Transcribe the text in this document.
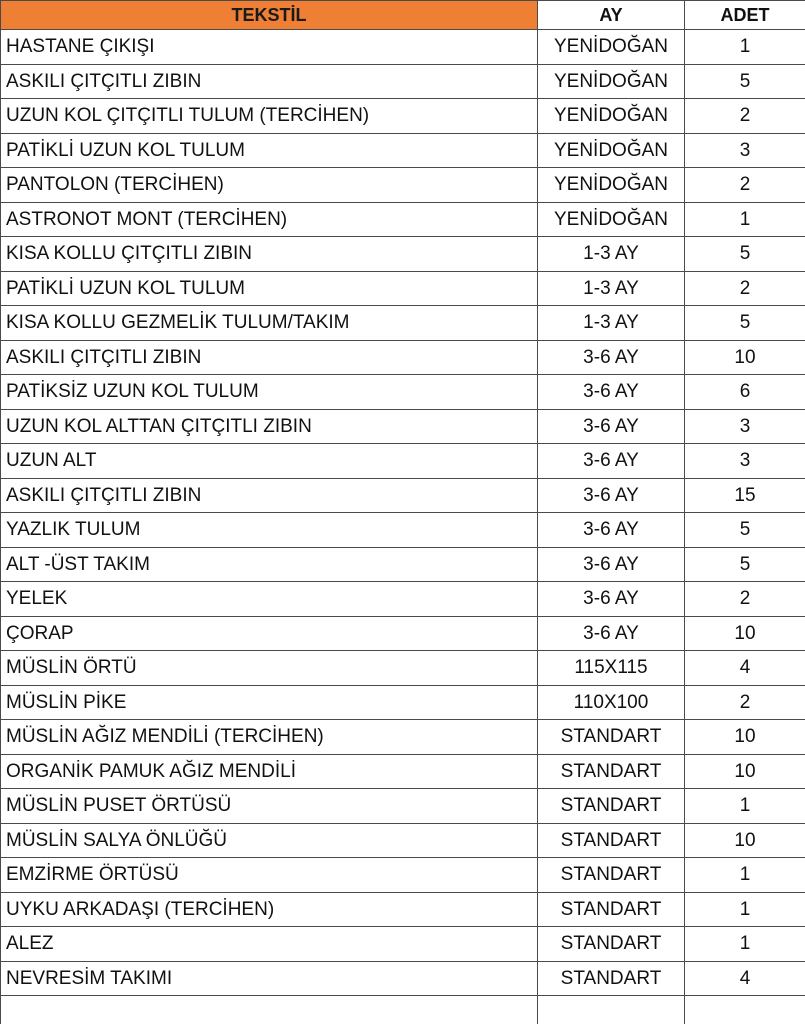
TEKSTİL	AY	ADET
HASTANE ÇIKIŞI	YENİDOĞAN	1
ASKILI ÇITÇITLI ZIBIN	YENİDOĞAN	5
UZUN KOL ÇITÇITLI TULUM (TERCİHEN)	YENİDOĞAN	2
PATİKLİ UZUN KOL TULUM	YENİDOĞAN	3
PANTOLON (TERCİHEN)	YENİDOĞAN	2
ASTRONOT MONT (TERCİHEN)	YENİDOĞAN	1
KISA KOLLU ÇITÇITLI ZIBIN	1-3 AY	5
PATİKLİ UZUN KOL TULUM	1-3 AY	2
KISA KOLLU GEZMELİK TULUM/TAKIM	1-3 AY	5
ASKILI ÇITÇITLI ZIBIN	3-6 AY	10
PATİKSİZ UZUN KOL TULUM	3-6 AY	6
UZUN KOL ALTTAN ÇITÇITLI ZIBIN	3-6 AY	3
UZUN ALT	3-6 AY	3
ASKILI ÇITÇITLI ZIBIN	3-6 AY	15
YAZLIK TULUM	3-6 AY	5
ALT -ÜST TAKIM	3-6 AY	5
YELEK	3-6 AY	2
ÇORAP	3-6 AY	10
MÜSLİN ÖRTÜ	115X115	4
MÜSLİN PİKE	110X100	2
MÜSLİN AĞIZ MENDİLİ (TERCİHEN)	STANDART	10
ORGANİK PAMUK AĞIZ MENDİLİ	STANDART	10
MÜSLİN PUSET ÖRTÜSÜ	STANDART	1
MÜSLİN SALYA ÖNLÜĞÜ	STANDART	10
EMZİRME ÖRTÜSÜ	STANDART	1
UYKU ARKADAŞI (TERCİHEN)	STANDART	1
ALEZ	STANDART	1
NEVRESİM TAKIMI	STANDART	4
